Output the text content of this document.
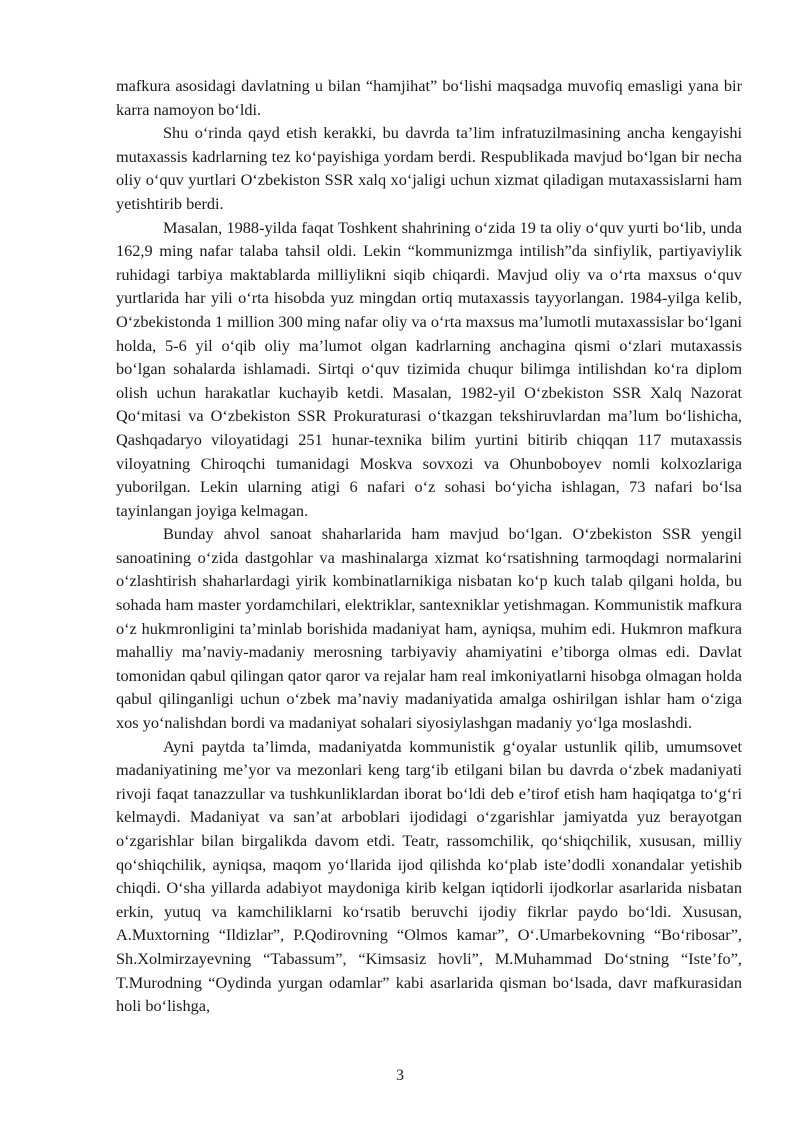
mafkura asosidagi davlatning u bilan “hamjihat” bo‘lishi maqsadga muvofiq emasligi yana bir karra namoyon bo‘ldi.

Shu o‘rinda qayd etish kerakki, bu davrda ta’lim infratuzilmasining ancha kengayishi mutaxassis kadrlarning tez ko‘payishiga yordam berdi. Respublikada mavjud bo‘lgan bir necha oliy o‘quv yurtlari O‘zbekiston SSR xalq xo‘jaligi uchun xizmat qiladigan mutaxassislarni ham yetishtirib berdi.

Masalan, 1988-yilda faqat Toshkent shahrining o‘zida 19 ta oliy o‘quv yurti bo‘lib, unda 162,9 ming nafar talaba tahsil oldi. Lekin “kommunizmga intilish”da sinfiylik, partiyaviylik ruhidagi tarbiya maktablarda milliylikni siqib chiqardi. Mavjud oliy va o‘rta maxsus o‘quv yurtlarida har yili o‘rta hisobda yuz mingdan ortiq mutaxassis tayyorlangan. 1984-yilga kelib, O‘zbekistonda 1 million 300 ming nafar oliy va o‘rta maxsus ma’lumotli mutaxassislar bo‘lgani holda, 5-6 yil o‘qib oliy ma’lumot olgan kadrlarning anchagina qismi o‘zlari mutaxassis bo‘lgan sohalarda ishlamadi. Sirtqi o‘quv tizimida chuqur bilimga intilishdan ko‘ra diplom olish uchun harakatlar kuchayib ketdi. Masalan, 1982-yil O‘zbekiston SSR Xalq Nazorat Qo‘mitasi va O‘zbekiston SSR Prokuraturasi o‘tkazgan tekshiruvlardan ma’lum bo‘lishicha, Qashqadaryo viloyatidagi 251 hunar-texnika bilim yurtini bitirib chiqqan 117 mutaxassis viloyatning Chiroqchi tumanidagi Moskva sovxozi va Ohunboboyev nomli kolxozlariga yuborilgan. Lekin ularning atigi 6 nafari o‘z sohasi bo‘yicha ishlagan, 73 nafari bo‘lsa tayinlangan joyiga kelmagan.

Bunday ahvol sanoat shaharlarida ham mavjud bo‘lgan. O‘zbekiston SSR yengil sanoatining o‘zida dastgohlar va mashinalarga xizmat ko‘rsatishning tarmoqdagi normalarini o‘zlashtirish shaharlardagi yirik kombinatlarnikiga nisbatan ko‘p kuch talab qilgani holda, bu sohada ham master yordamchilari, elektriklar, santexniklar yetishmagan. Kommunistik mafkura o‘z hukmronligini ta’minlab borishida madaniyat ham, ayniqsa, muhim edi. Hukmron mafkura mahalliy ma’naviy-madaniy merosning tarbiyaviy ahamiyatini e’tiborga olmas edi. Davlat tomonidan qabul qilingan qator qaror va rejalar ham real imkoniyatlarni hisobga olmagan holda qabul qilinganligi uchun o‘zbek ma’naviy madaniyatida amalga oshirilgan ishlar ham o‘ziga xos yo‘nalishdan bordi va madaniyat sohalari siyosiylashgan madaniy yo‘lga moslashdi.

Ayni paytda ta’limda, madaniyatda kommunistik g‘oyalar ustunlik qilib, umumsovet madaniyatining me’yor va mezonlari keng targ‘ib etilgani bilan bu davrda o‘zbek madaniyati rivoji faqat tanazzullar va tushkunliklardan iborat bo‘ldi deb e’tirof etish ham haqiqatga to‘g‘ri kelmaydi. Madaniyat va san’at arboblari ijodidagi o‘zgarishlar jamiyatda yuz berayotgan o‘zgarishlar bilan birgalikda davom etdi. Teatr, rassomchilik, qo‘shiqchilik, xususan, milliy qo‘shiqchilik, ayniqsa, maqom yo‘llarida ijod qilishda ko‘plab iste’dodli xonandalar yetishib chiqdi. O‘sha yillarda adabiyot maydoniga kirib kelgan iqtidorli ijodkorlar asarlarida nisbatan erkin, yutuq va kamchiliklarni ko‘rsatib beruvchi ijodiy fikrlar paydo bo‘ldi. Xususan, A.Muxtorning “Ildizlar”, P.Qodirovning “Olmos kamar”, O‘.Umarbekovning “Bo‘ribosar”, Sh.Xolmirzayevning “Tabassum”, “Kimsasiz hovli”, M.Muhammad Do‘stning “Iste’fo”, T.Murodning “Oydinda yurgan odamlar” kabi asarlarida qisman bo‘lsada, davr mafkurasidan holi bo‘lishga,

3
